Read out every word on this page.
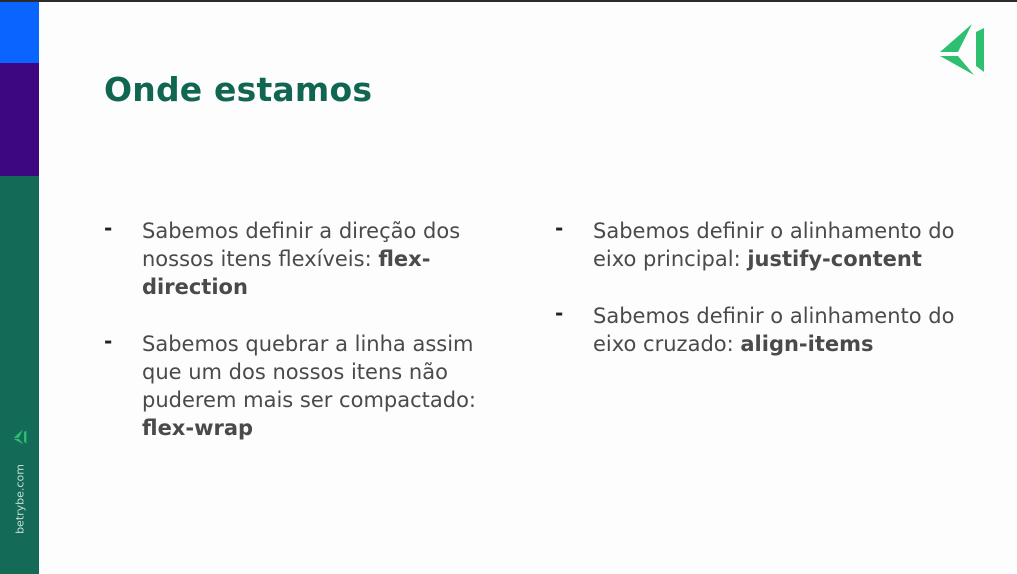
betrybe.com
Onde estamos
- Sabemos definir a direção dos nossos itens flexíveis: flex-direction
- Sabemos quebrar a linha assim que um dos nossos itens não puderem mais ser compactado: flex-wrap
- Sabemos definir o alinhamento do eixo principal: justify-content
- Sabemos definir o alinhamento do eixo cruzado: align-items
